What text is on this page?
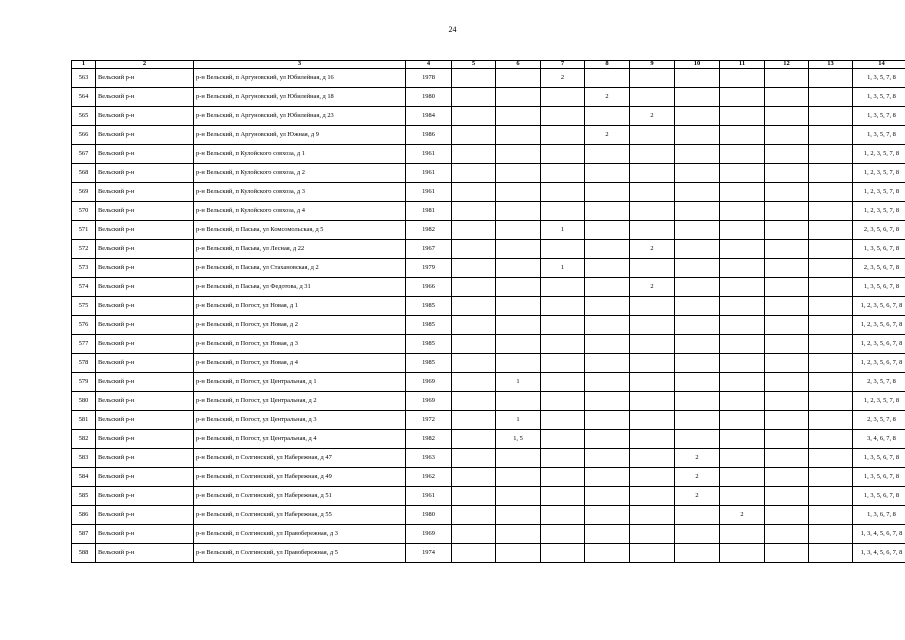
24
1	2	3	4	5	6	7	8	9	10	11	12	13	14
563	Вельский р-н	р-н Вельский, п Аргуновский, ул Юбилейная, д 16	1978			2							1, 3, 5, 7, 8
564	Вельский р-н	р-н Вельский, п Аргуновский, ул Юбилейная, д 18	1980				2						1, 3, 5, 7, 8
565	Вельский р-н	р-н Вельский, п Аргуновский, ул Юбилейная, д 23	1984					2					1, 3, 5, 7, 8
566	Вельский р-н	р-н Вельский, п Аргуновский, ул Южная, д 9	1986				2						1, 3, 5, 7, 8
567	Вельский р-н	р-н Вельский, п Кулойского совхоза, д 1	1961										1, 2, 3, 5, 7, 8
568	Вельский р-н	р-н Вельский, п Кулойского совхоза, д 2	1961										1, 2, 3, 5, 7, 8
569	Вельский р-н	р-н Вельский, п Кулойского совхоза, д 3	1961										1, 2, 3, 5, 7, 8
570	Вельский р-н	р-н Вельский, п Кулойского совхоза, д 4	1981										1, 2, 3, 5, 7, 8
571	Вельский р-н	р-н Вельский, п Пасьва, ул Комсомольская, д 5	1982			1							2, 3, 5, 6, 7, 8
572	Вельский р-н	р-н Вельский, п Пасьва, ул Лесная, д 22	1967					2					1, 3, 5, 6, 7, 8
573	Вельский р-н	р-н Вельский, п Пасьва, ул Стахановская, д 2	1979			1							2, 3, 5, 6, 7, 8
574	Вельский р-н	р-н Вельский, п Пасьва, ул Федотова, д 31	1966					2					1, 3, 5, 6, 7, 8
575	Вельский р-н	р-н Вельский, п Погост, ул Новая, д 1	1985										1, 2, 3, 5, 6, 7, 8
576	Вельский р-н	р-н Вельский, п Погост, ул Новая, д 2	1985										1, 2, 3, 5, 6, 7, 8
577	Вельский р-н	р-н Вельский, п Погост, ул Новая, д 3	1985										1, 2, 3, 5, 6, 7, 8
578	Вельский р-н	р-н Вельский, п Погост, ул Новая, д 4	1985										1, 2, 3, 5, 6, 7, 8
579	Вельский р-н	р-н Вельский, п Погост, ул Центральная, д 1	1969		1								2, 3, 5, 7, 8
580	Вельский р-н	р-н Вельский, п Погост, ул Центральная, д 2	1969										1, 2, 3, 5, 7, 8
581	Вельский р-н	р-н Вельский, п Погост, ул Центральная, д 3	1972		1								2, 3, 5, 7, 8
582	Вельский р-н	р-н Вельский, п Погост, ул Центральная, д 4	1982		1, 5								3, 4, 6, 7, 8
583	Вельский р-н	р-н Вельский, п Солгинский, ул Набережная, д 47	1963						2				1, 3, 5, 6, 7, 8
584	Вельский р-н	р-н Вельский, п Солгинский, ул Набережная, д 49	1962						2				1, 3, 5, 6, 7, 8
585	Вельский р-н	р-н Вельский, п Солгинский, ул Набережная, д 51	1961						2				1, 3, 5, 6, 7, 8
586	Вельский р-н	р-н Вельский, п Солгинский, ул Набережная, д 55	1980							2			1, 3, 6, 7, 8
587	Вельский р-н	р-н Вельский, п Солгинский, ул Правобережная, д 3	1969										1, 3, 4, 5, 6, 7, 8
588	Вельский р-н	р-н Вельский, п Солгинский, ул Правобережная, д 5	1974										1, 3, 4, 5, 6, 7, 8
